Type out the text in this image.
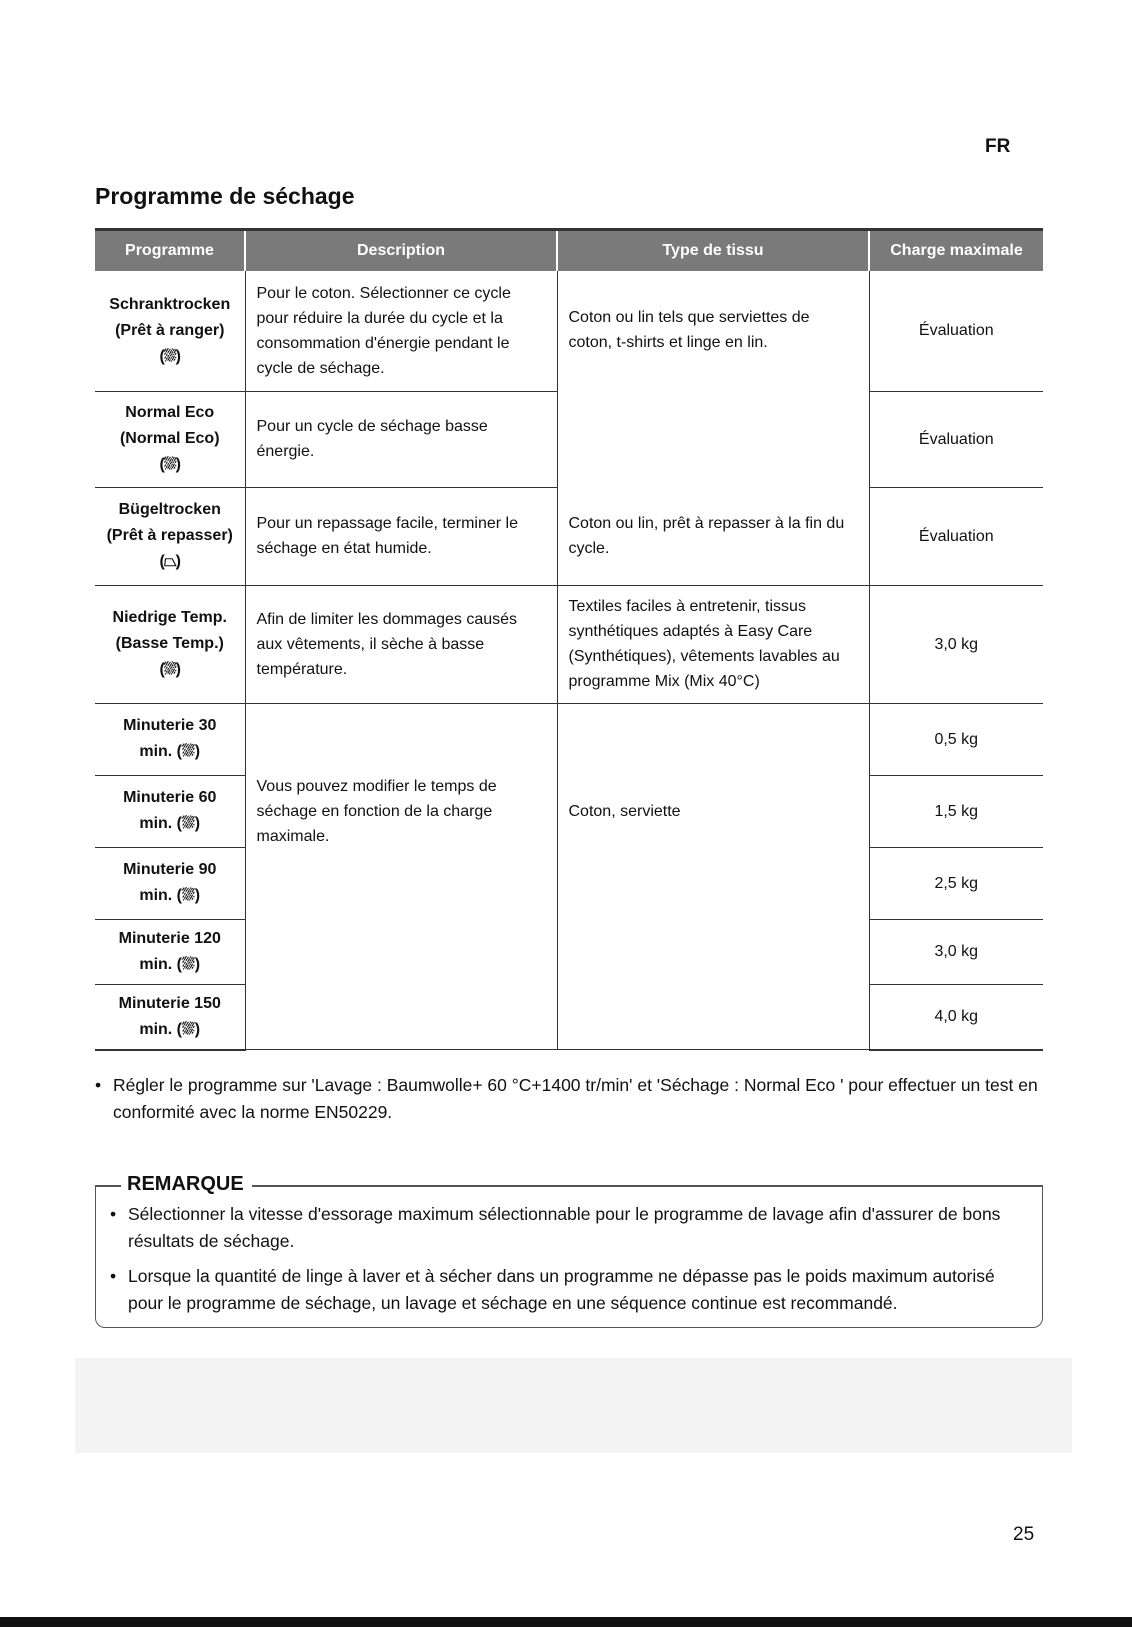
FR
Programme de séchage
Programme	Description	Type de tissu	Charge maximale

Schranktrocken
(Prêt à ranger)
(⛆)	Pour le coton. Sélectionner ce cycle pour réduire la durée du cycle et la consommation d'énergie pendant le cycle de séchage.	Coton ou lin tels que serviettes de coton, t-shirts et linge en lin.	Évaluation

Normal Eco
(Normal Eco)
(⛆)	Pour un cycle de séchage basse énergie.		Évaluation

Bügeltrocken
(Prêt à repasser)
(⏢)	Pour un repassage facile, terminer le séchage en état humide.	Coton ou lin, prêt à repasser à la fin du cycle.	Évaluation

Niedrige Temp.
(Basse Temp.)
(⛆)	Afin de limiter les dommages causés aux vêtements, il sèche à basse température.	Textiles faciles à entretenir, tissus synthétiques adaptés à Easy Care (Synthétiques), vêtements lavables au programme Mix (Mix 40°C)	3,0 kg

Minuterie 30
min. (⛆)	Vous pouvez modifier le temps de séchage en fonction de la charge maximale.	Coton, serviette	0,5 kg

Minuterie 60
min. (⛆)			1,5 kg

Minuterie 90
min. (⛆)			2,5 kg

Minuterie 120
min. (⛆)			3,0 kg

Minuterie 150
min. (⛆)			4,0 kg
• Régler le programme sur 'Lavage : Baumwolle+ 60 °C+1400 tr/min' et 'Séchage : Normal Eco ' pour effectuer un test en conformité avec la norme EN50229.
• Sélectionner la vitesse d'essorage maximum sélectionnable pour le programme de lavage afin d'assurer de bons résultats de séchage.
• Lorsque la quantité de linge à laver et à sécher dans un programme ne dépasse pas le poids maximum autorisé pour le programme de séchage, un lavage et séchage en une séquence continue est recommandé.
REMARQUE
25
